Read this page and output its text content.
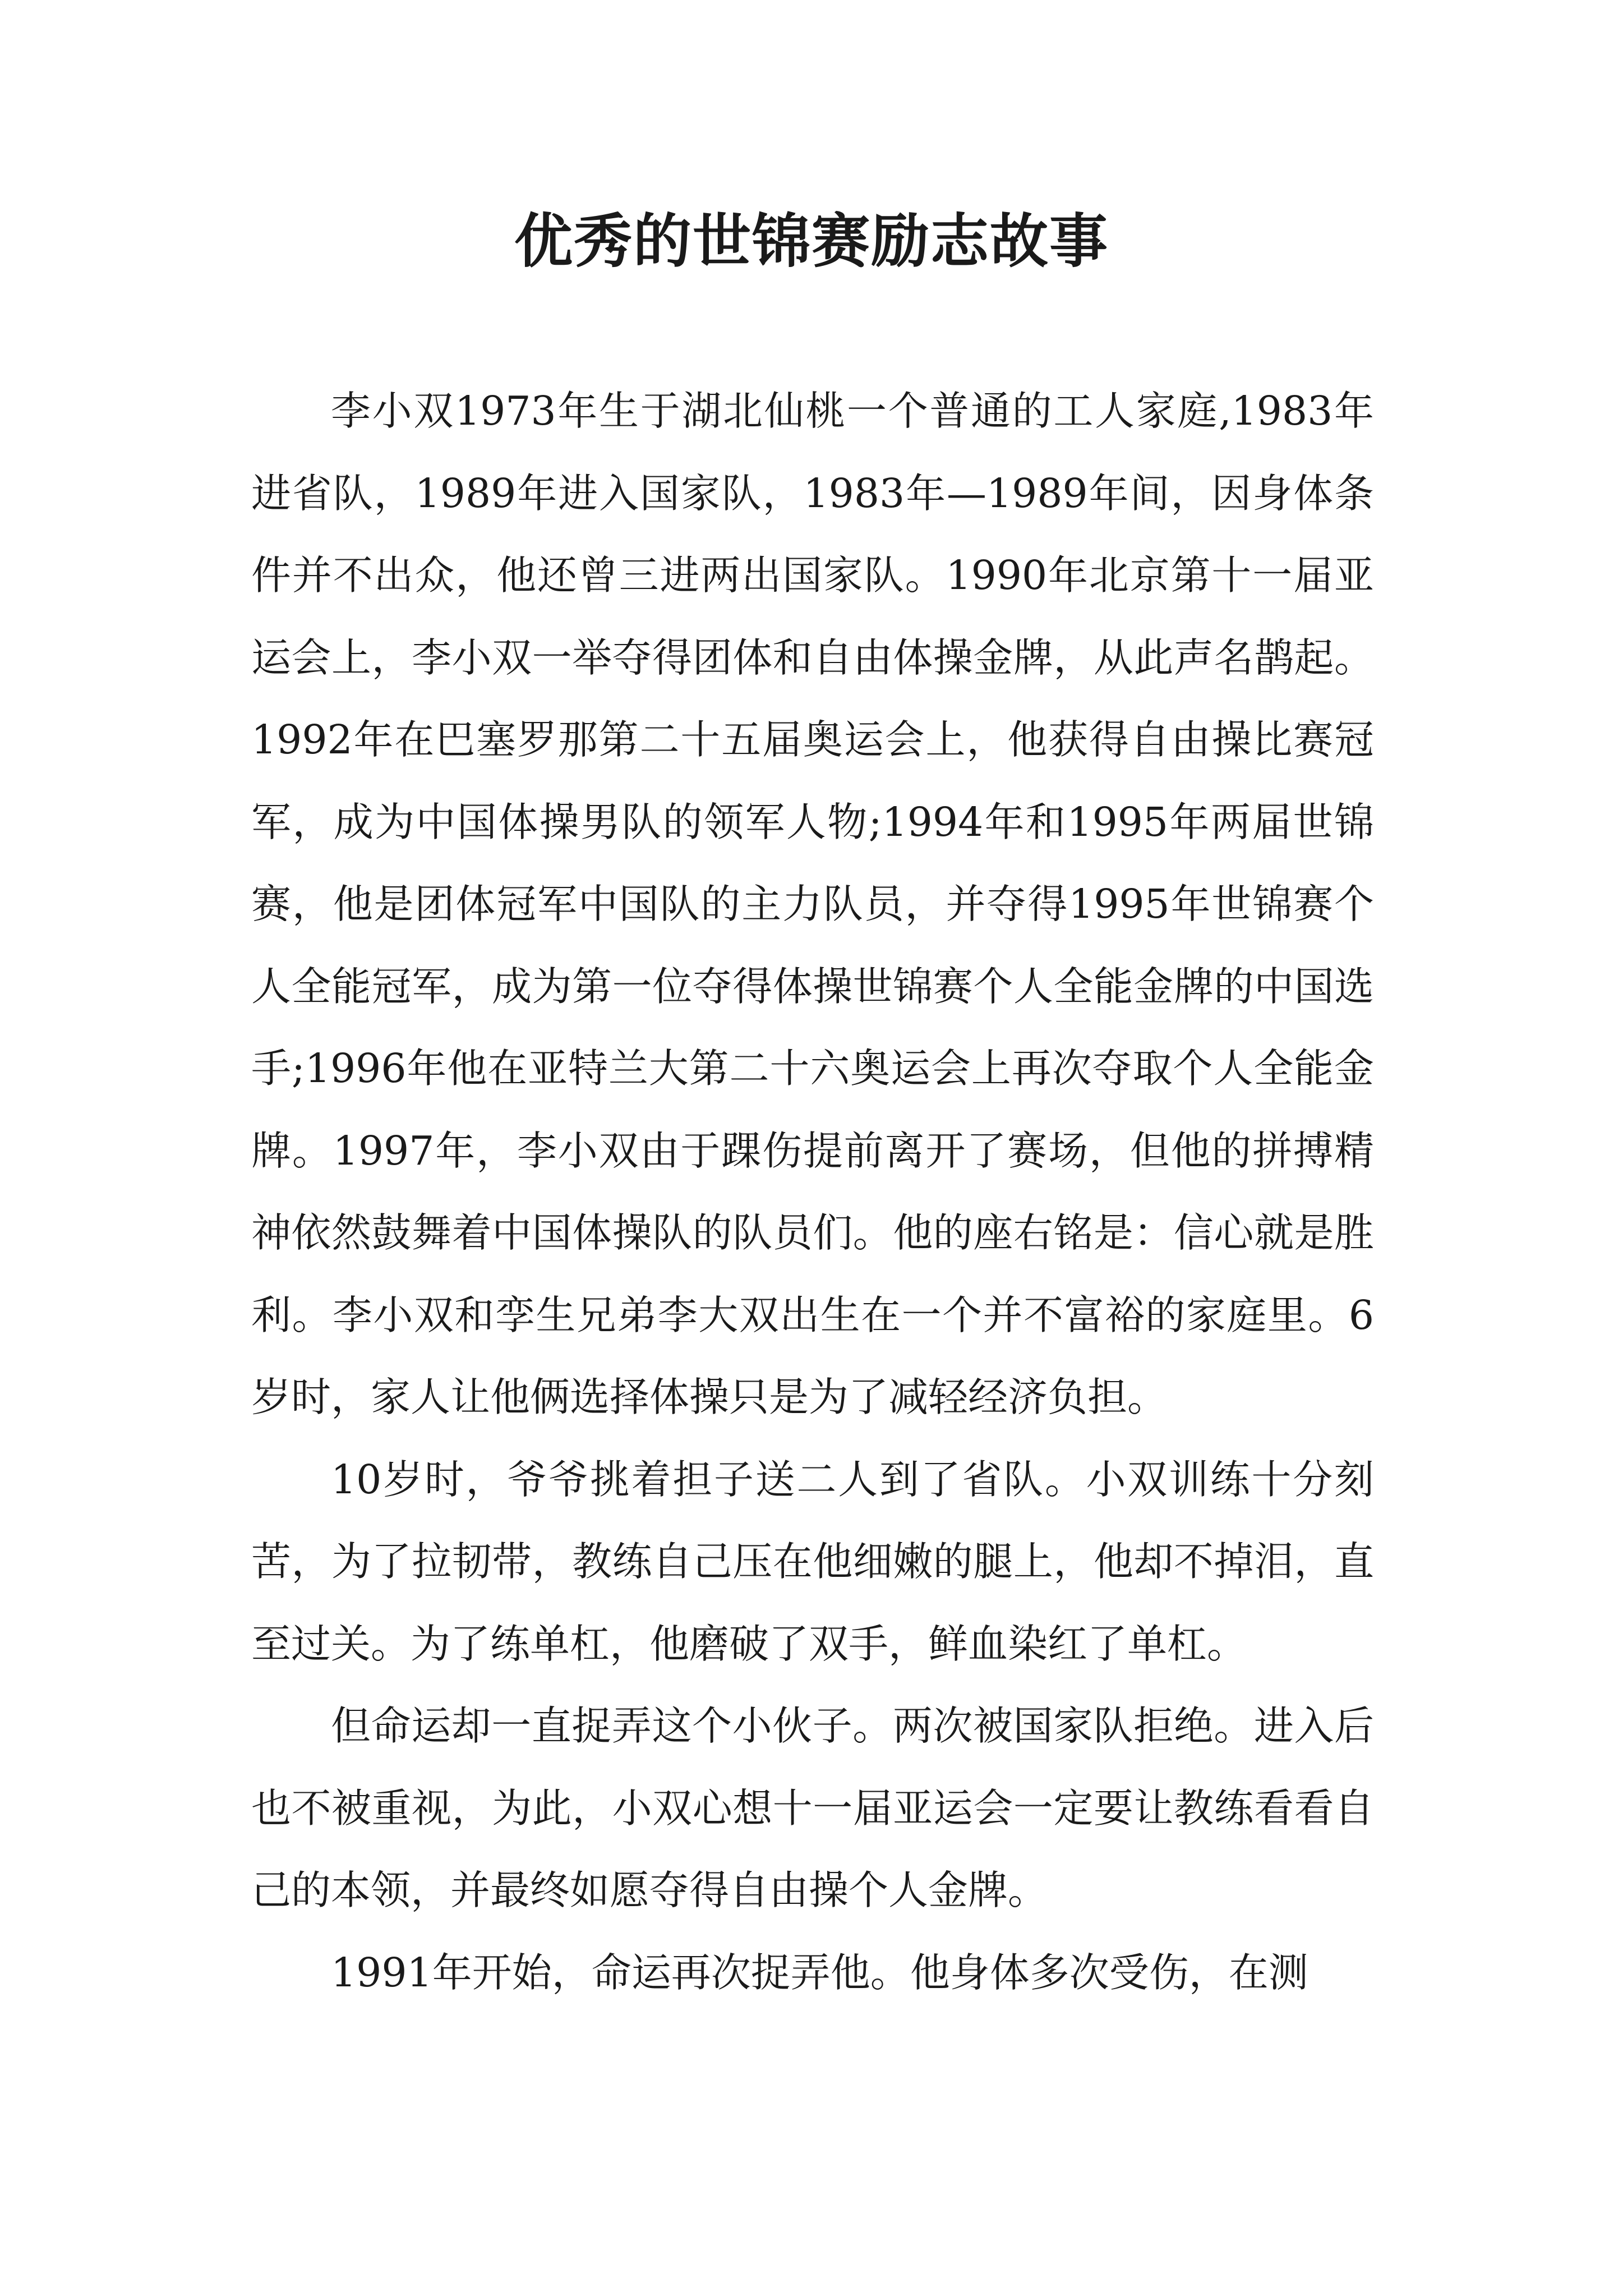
优秀的世锦赛励志故事

李小双1973年生于湖北仙桃一个普通的工人家庭,1983年进省队，1989年进入国家队，1983年—1989年间，因身体条件并不出众，他还曾三进两出国家队。1990年北京第十一届亚运会上，李小双一举夺得团体和自由体操金牌，从此声名鹊起。1992年在巴塞罗那第二十五届奥运会上，他获得自由操比赛冠军，成为中国体操男队的领军人物;1994年和1995年两届世锦赛，他是团体冠军中国队的主力队员，并夺得1995年世锦赛个人全能冠军，成为第一位夺得体操世锦赛个人全能金牌的中国选手;1996年他在亚特兰大第二十六奥运会上再次夺取个人全能金牌。1997年，李小双由于踝伤提前离开了赛场，但他的拼搏精神依然鼓舞着中国体操队的队员们。他的座右铭是：信心就是胜利。李小双和孪生兄弟李大双出生在一个并不富裕的家庭里。6岁时，家人让他俩选择体操只是为了减轻经济负担。

10岁时，爷爷挑着担子送二人到了省队。小双训练十分刻苦，为了拉韧带，教练自己压在他细嫩的腿上，他却不掉泪，直至过关。为了练单杠，他磨破了双手，鲜血染红了单杠。

但命运却一直捉弄这个小伙子。两次被国家队拒绝。进入后也不被重视，为此，小双心想十一届亚运会一定要让教练看看自己的本领，并最终如愿夺得自由操个人金牌。

1991年开始，命运再次捉弄他。他身体多次受伤，在测
